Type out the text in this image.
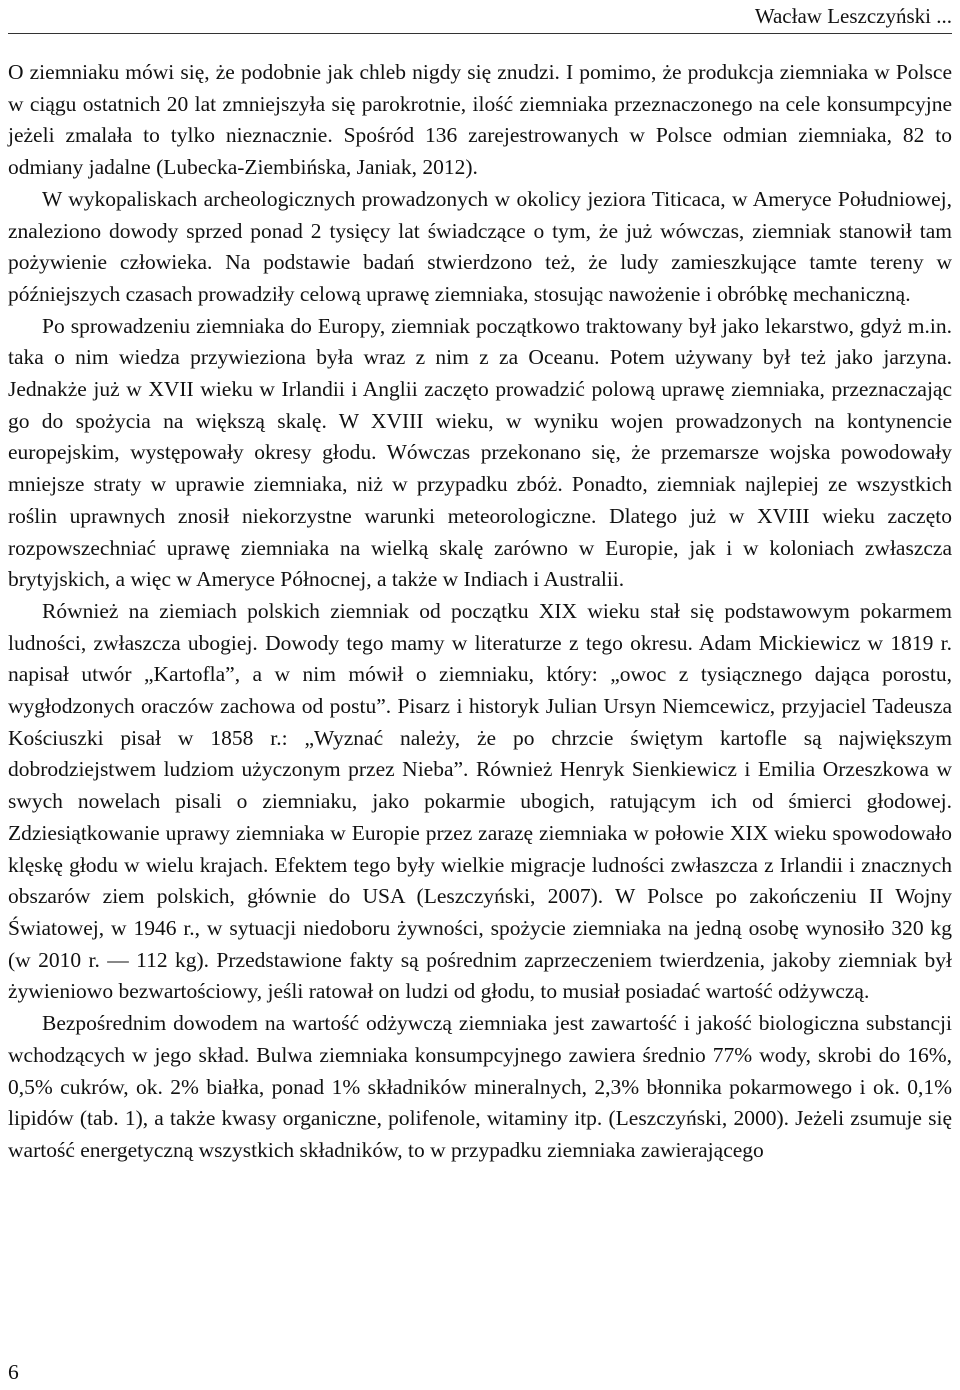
Wacław Leszczyński ...

O ziemniaku mówi się, że podobnie jak chleb nigdy się znudzi. I pomimo, że produkcja ziemniaka w Polsce w ciągu ostatnich 20 lat zmniejszyła się parokrotnie, ilość ziemniaka przeznaczonego na cele konsumpcyjne jeżeli zmalała to tylko nieznacznie. Spośród 136 zarejestrowanych w Polsce odmian ziemniaka, 82 to odmiany jadalne (Lubecka-Ziembińska, Janiak, 2012).

W wykopaliskach archeologicznych prowadzonych w okolicy jeziora Titicaca, w Ameryce Południowej, znaleziono dowody sprzed ponad 2 tysięcy lat świadczące o tym, że już wówczas, ziemniak stanowił tam pożywienie człowieka. Na podstawie badań stwierdzono też, że ludy zamieszkujące tamte tereny w późniejszych czasach prowadziły celową uprawę ziemniaka, stosując nawożenie i obróbkę mechaniczną.

Po sprowadzeniu ziemniaka do Europy, ziemniak początkowo traktowany był jako lekarstwo, gdyż m.in. taka o nim wiedza przywieziona była wraz z nim z za Oceanu. Potem używany był też jako jarzyna. Jednakże już w XVII wieku w Irlandii i Anglii zaczęto prowadzić polową uprawę ziemniaka, przeznaczając go do spożycia na większą skalę. W XVIII wieku, w wyniku wojen prowadzonych na kontynencie europejskim, występowały okresy głodu. Wówczas przekonano się, że przemarsze wojska powodowały mniejsze straty w uprawie ziemniaka, niż w przypadku zbóż. Ponadto, ziemniak najlepiej ze wszystkich roślin uprawnych znosił niekorzystne warunki meteorologiczne. Dlatego już w XVIII wieku zaczęto rozpowszechniać uprawę ziemniaka na wielką skalę zarówno w Europie, jak i w koloniach zwłaszcza brytyjskich, a więc w Ameryce Północnej, a także w Indiach i Australii.

Również na ziemiach polskich ziemniak od początku XIX wieku stał się podstawowym pokarmem ludności, zwłaszcza ubogiej. Dowody tego mamy w literaturze z tego okresu. Adam Mickiewicz w 1819 r. napisał utwór „Kartofla”, a w nim mówił o ziemniaku, który: „owoc z tysiącznego dająca porostu, wygłodzonych oraczów zachowa od postu”. Pisarz i historyk Julian Ursyn Niemcewicz, przyjaciel Tadeusza Kościuszki pisał w 1858 r.: „Wyznać należy, że po chrzcie świętym kartofle są największym dobrodziejstwem ludziom użyczonym przez Nieba”. Również Henryk Sienkiewicz i Emilia Orzeszkowa w swych nowelach pisali o ziemniaku, jako pokarmie ubogich, ratującym ich od śmierci głodowej. Zdziesiątkowanie uprawy ziemniaka w Europie przez zarazę ziemniaka w połowie XIX wieku spowodowało klęskę głodu w wielu krajach. Efektem tego były wielkie migracje ludności zwłaszcza z Irlandii i znacznych obszarów ziem polskich, głównie do USA (Leszczyński, 2007). W Polsce po zakończeniu II Wojny Światowej, w 1946 r., w sytuacji niedoboru żywności, spożycie ziemniaka na jedną osobę wynosiło 320 kg (w 2010 r. — 112 kg). Przedstawione fakty są pośrednim zaprzeczeniem twierdzenia, jakoby ziemniak był żywieniowo bezwartościowy, jeśli ratował on ludzi od głodu, to musiał posiadać wartość odżywczą.

Bezpośrednim dowodem na wartość odżywczą ziemniaka jest zawartość i jakość biologiczna substancji wchodzących w jego skład. Bulwa ziemniaka konsumpcyjnego zawiera średnio 77% wody, skrobi do 16%, 0,5% cukrów, ok. 2% białka, ponad 1% składników mineralnych, 2,3% błonnika pokarmowego i ok. 0,1% lipidów (tab. 1), a także kwasy organiczne, polifenole, witaminy itp. (Leszczyński, 2000). Jeżeli zsumuje się wartość energetyczną wszystkich składników, to w przypadku ziemniaka zawierającego

6
